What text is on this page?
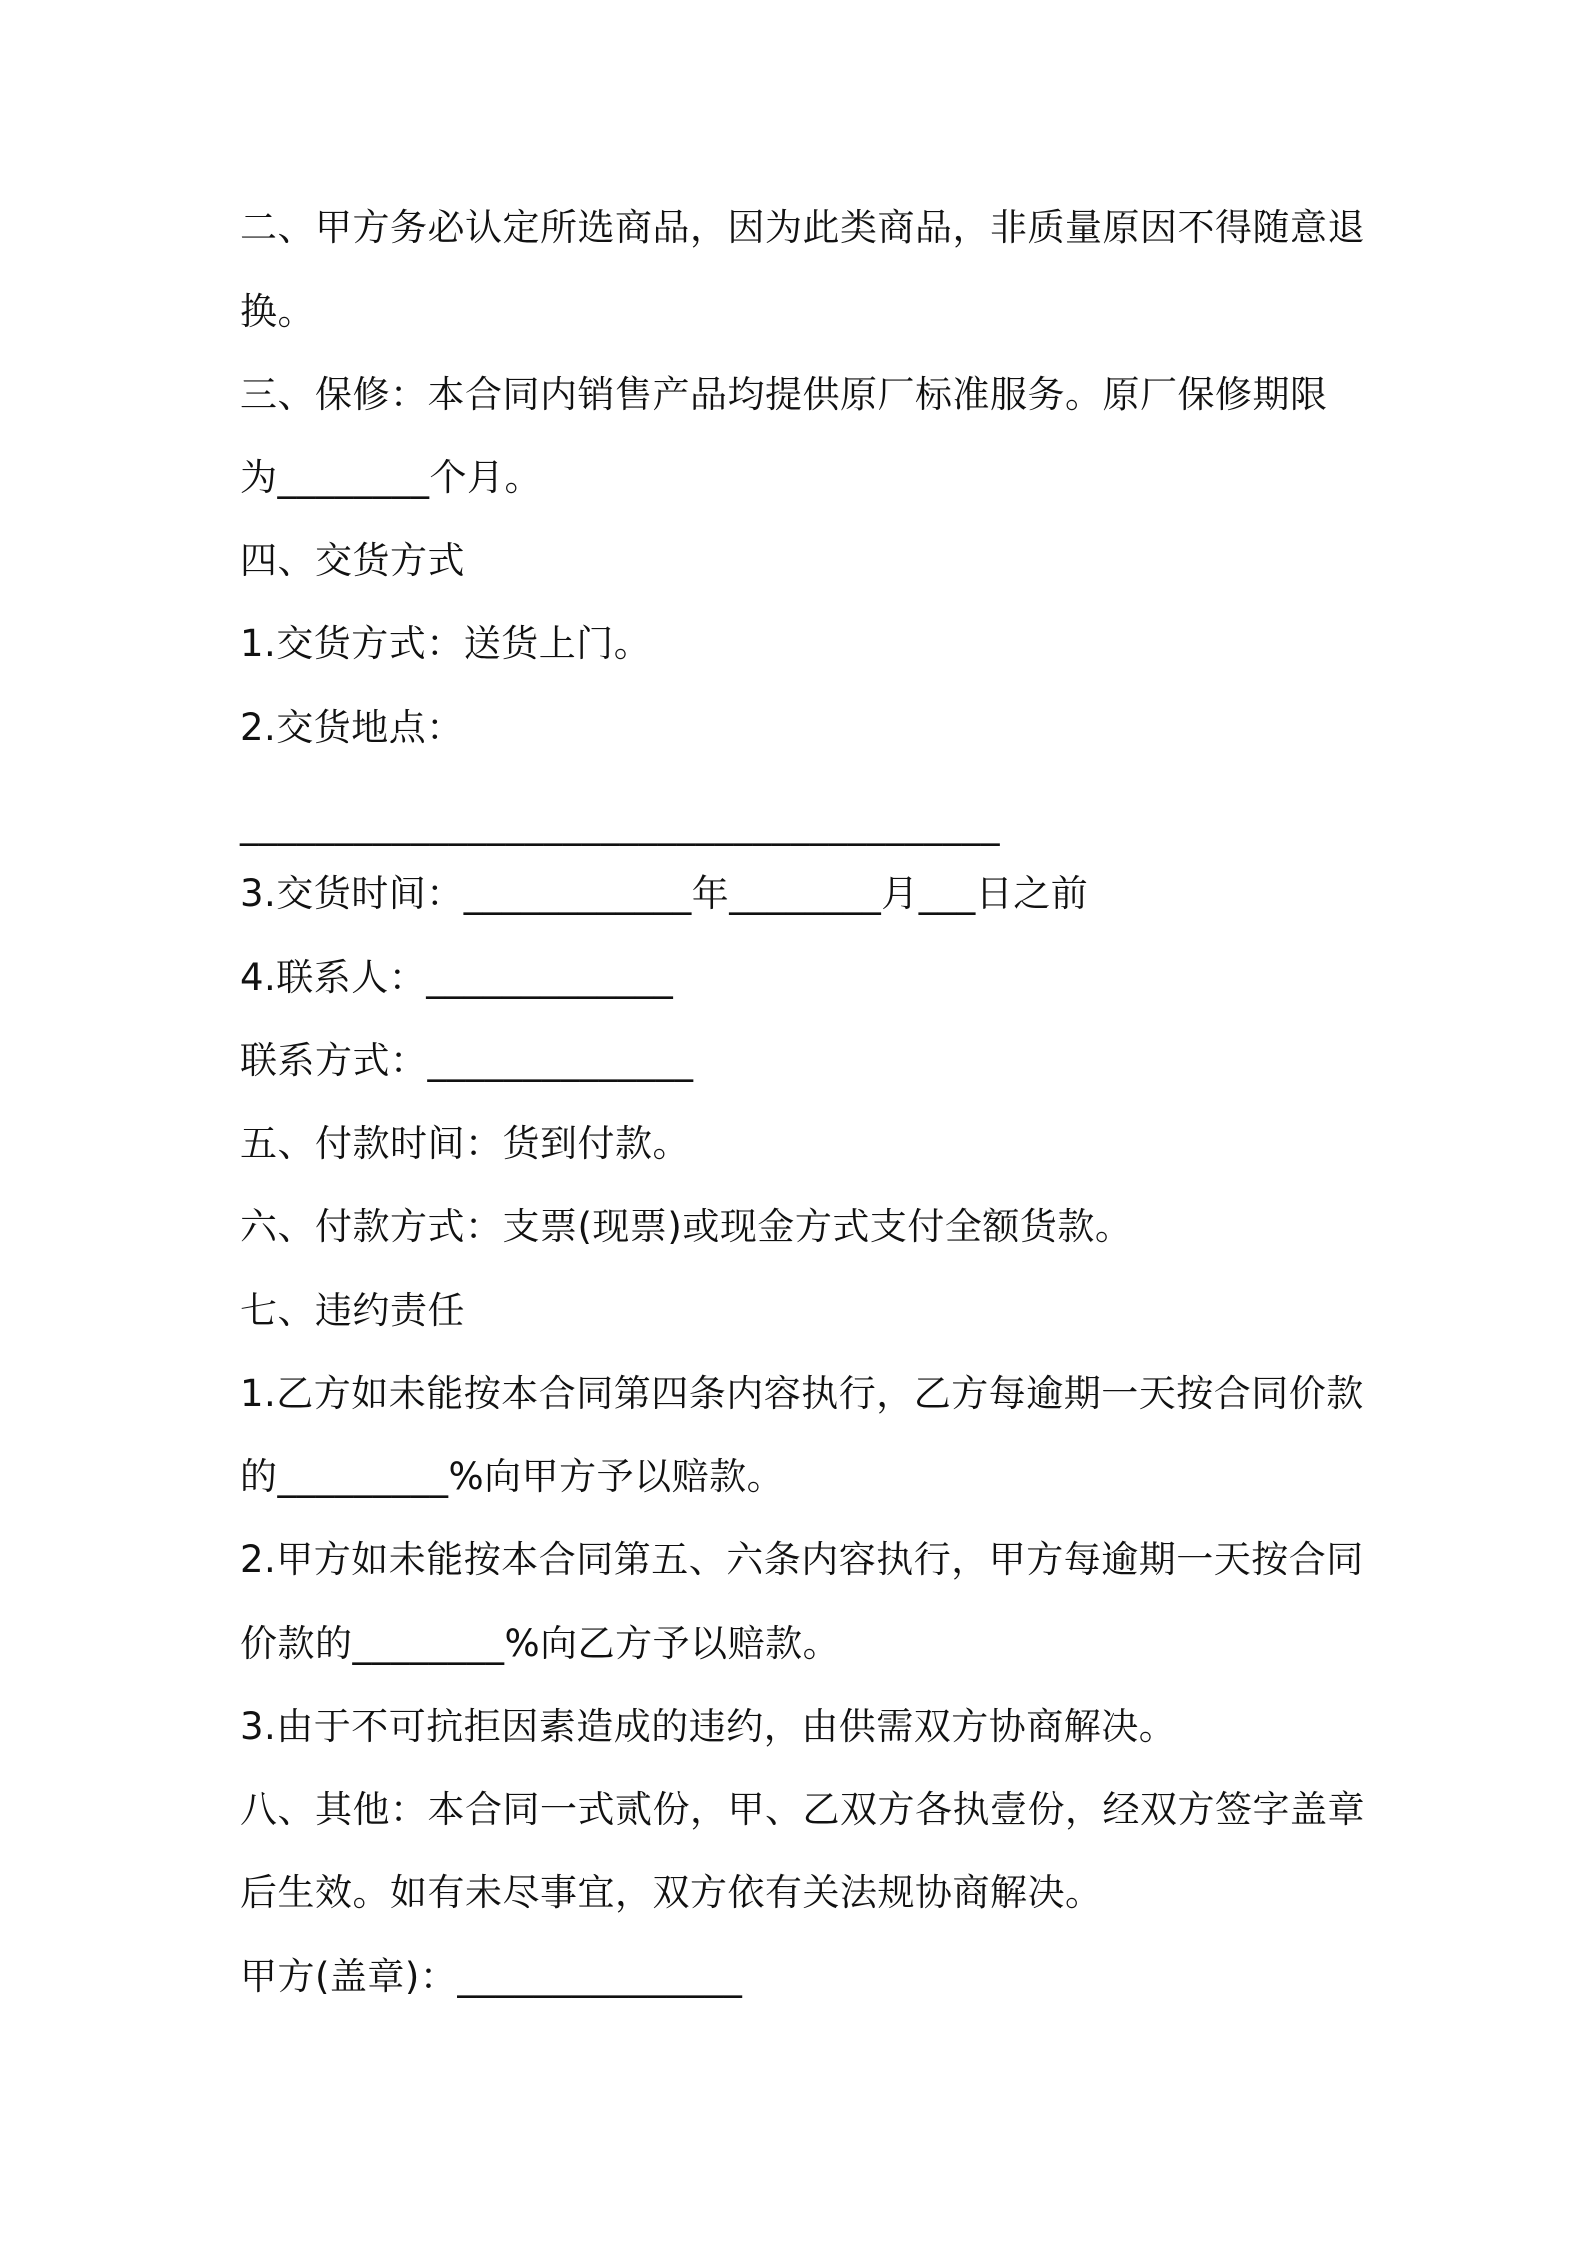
二、甲方务必认定所选商品，因为此类商品，非质量原因不得随意退
换。
三、保修：本合同内销售产品均提供原厂标准服务。原厂保修期限
为________个月。
四、交货方式
1.交货方式：送货上门。
2.交货地点：
________________________________________
3.交货时间：____________年________月___日之前
4.联系人：_____________
联系方式：______________
五、付款时间：货到付款。
六、付款方式：支票(现票)或现金方式支付全额货款。
七、违约责任
1.乙方如未能按本合同第四条内容执行，乙方每逾期一天按合同价款
的_________%向甲方予以赔款。
2.甲方如未能按本合同第五、六条内容执行，甲方每逾期一天按合同
价款的________%向乙方予以赔款。
3.由于不可抗拒因素造成的违约，由供需双方协商解决。
八、其他：本合同一式贰份，甲、乙双方各执壹份，经双方签字盖章
后生效。如有未尽事宜，双方依有关法规协商解决。
甲方(盖章)：_______________
